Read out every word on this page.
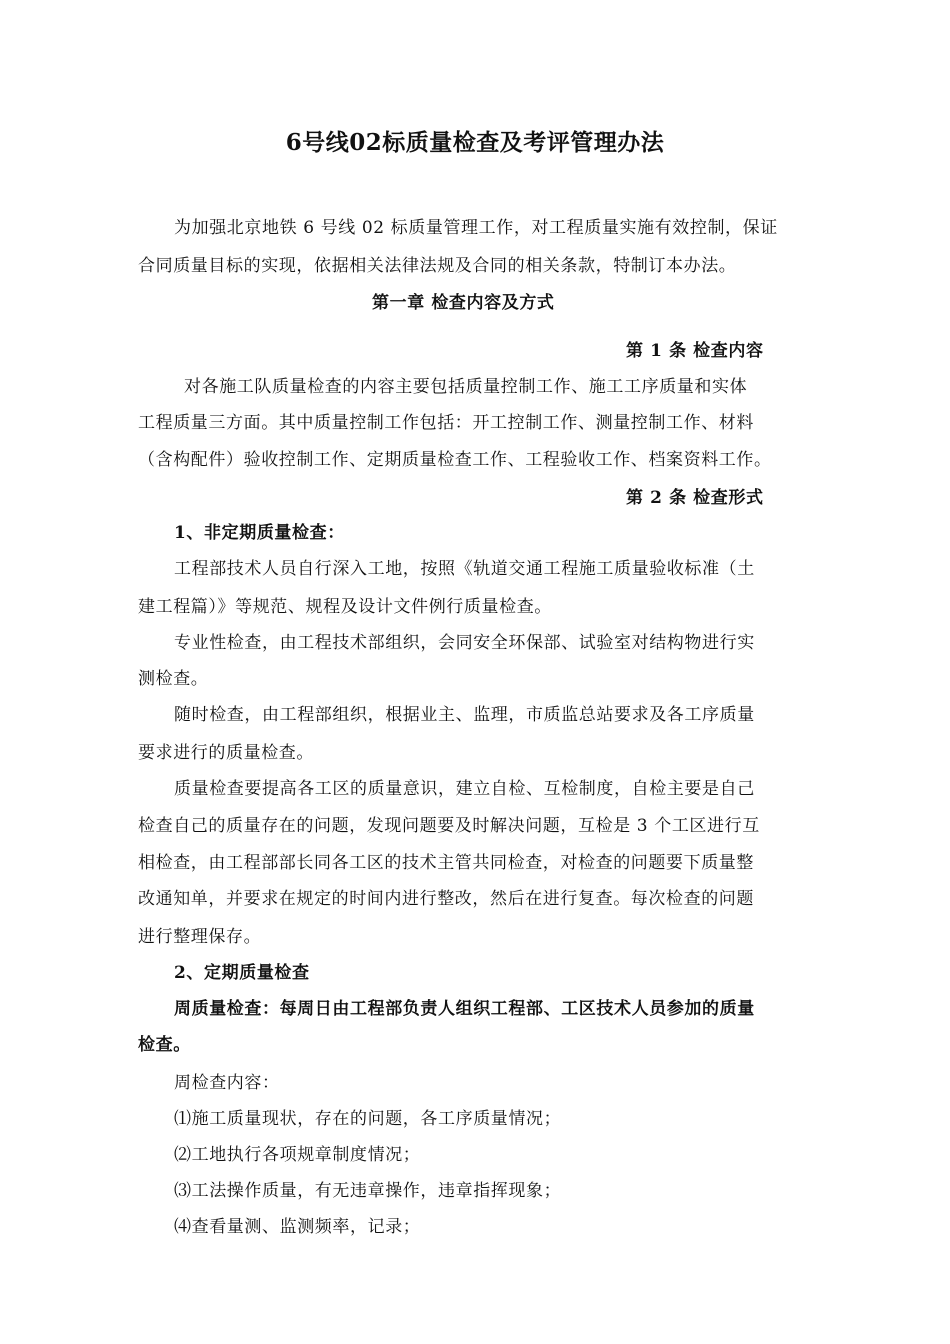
6号线02标质量检查及考评管理办法
为加强北京地铁 6 号线 02 标质量管理工作，对工程质量实施有效控制，保证
合同质量目标的实现，依据相关法律法规及合同的相关条款，特制订本办法。
第一章 检查内容及方式
第 1 条 检查内容
对各施工队质量检查的内容主要包括质量控制工作、施工工序质量和实体
工程质量三方面。其中质量控制工作包括：开工控制工作、测量控制工作、材料
（含构配件）验收控制工作、定期质量检查工作、工程验收工作、档案资料工作。
第 2 条 检查形式
1、非定期质量检查：
工程部技术人员自行深入工地，按照《轨道交通工程施工质量验收标准（土
建工程篇）》等规范、规程及设计文件例行质量检查。
专业性检查，由工程技术部组织，会同安全环保部、试验室对结构物进行实
测检查。
随时检查，由工程部组织，根据业主、监理，市质监总站要求及各工序质量
要求进行的质量检查。
质量检查要提高各工区的质量意识，建立自检、互检制度，自检主要是自己
检查自己的质量存在的问题，发现问题要及时解决问题，互检是 3 个工区进行互
相检查，由工程部部长同各工区的技术主管共同检查，对检查的问题要下质量整
改通知单，并要求在规定的时间内进行整改，然后在进行复查。每次检查的问题
进行整理保存。
2、定期质量检查
周质量检查：每周日由工程部负责人组织工程部、工区技术人员参加的质量
检查。
周检查内容：
⑴施工质量现状，存在的问题，各工序质量情况；
⑵工地执行各项规章制度情况；
⑶工法操作质量，有无违章操作，违章指挥现象；
⑷查看量测、监测频率，记录；
